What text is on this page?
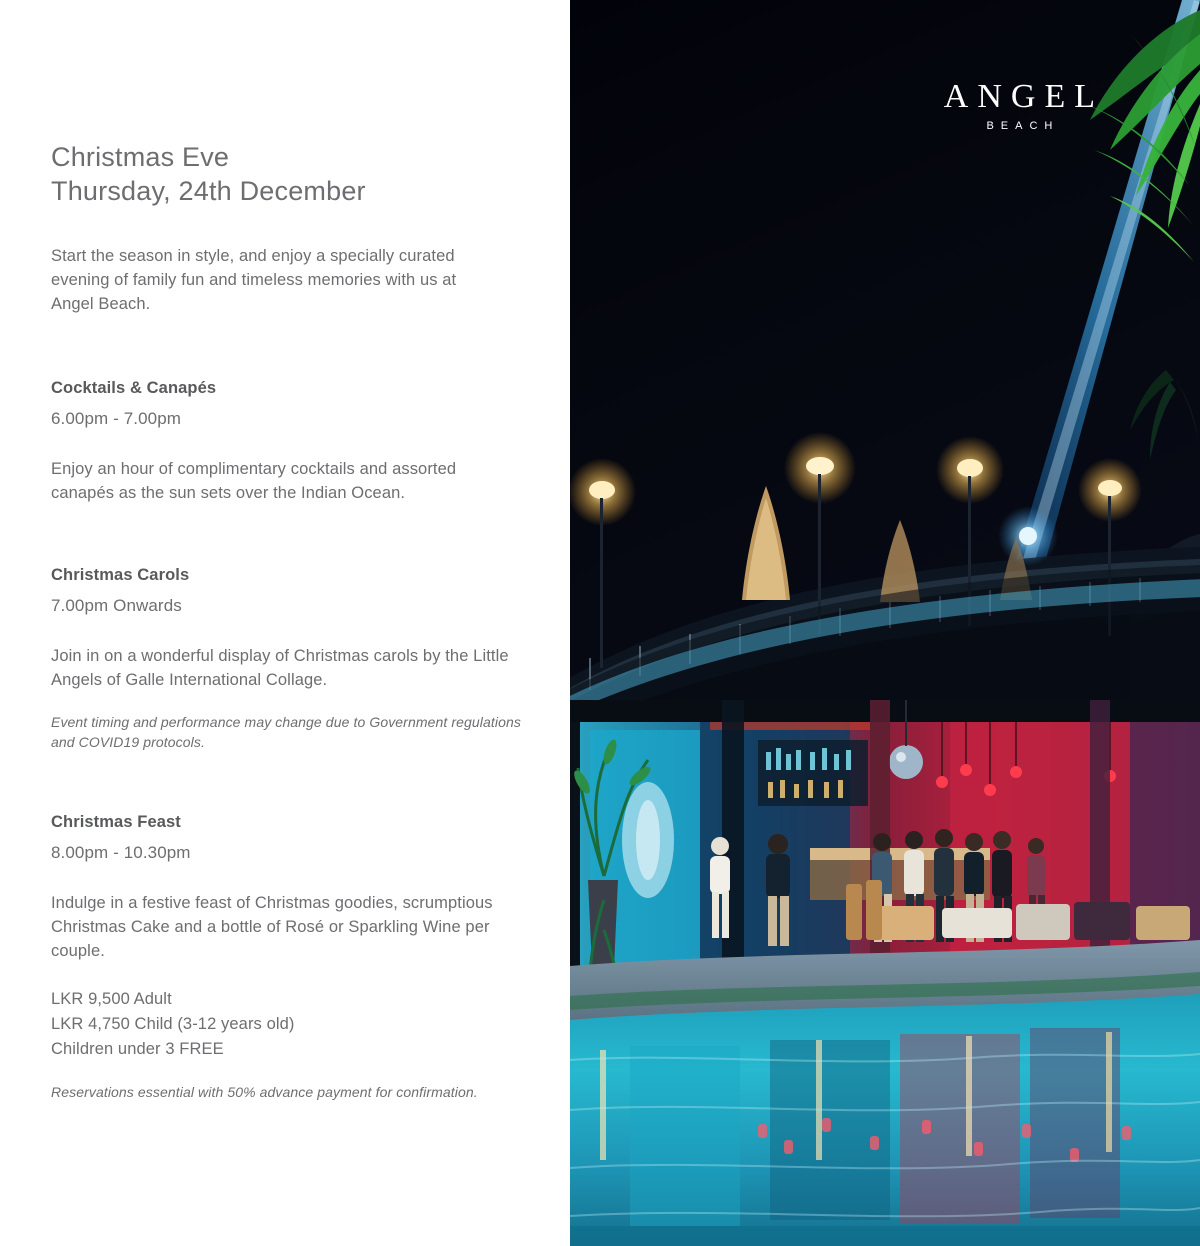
Christmas Eve
Thursday, 24th December
Start the season in style, and enjoy a specially curated evening of family fun and timeless memories with us at Angel Beach.
Cocktails & Canapés
6.00pm - 7.00pm
Enjoy an hour of complimentary cocktails and assorted canapés as the sun sets over the Indian Ocean.
Christmas Carols
7.00pm Onwards
Join in on a wonderful display of Christmas carols by the Little Angels of Galle International Collage.
Event timing and performance may change due to Government regulations and COVID19 protocols.
Christmas Feast
8.00pm - 10.30pm
Indulge in a festive feast of Christmas goodies, scrumptious Christmas Cake and a bottle of Rosé or Sparkling Wine per couple.
LKR 9,500 Adult
LKR 4,750 Child (3-12 years old)
Children under 3 FREE
Reservations essential with 50% advance payment for confirmation.
ANGEL
BEACH
